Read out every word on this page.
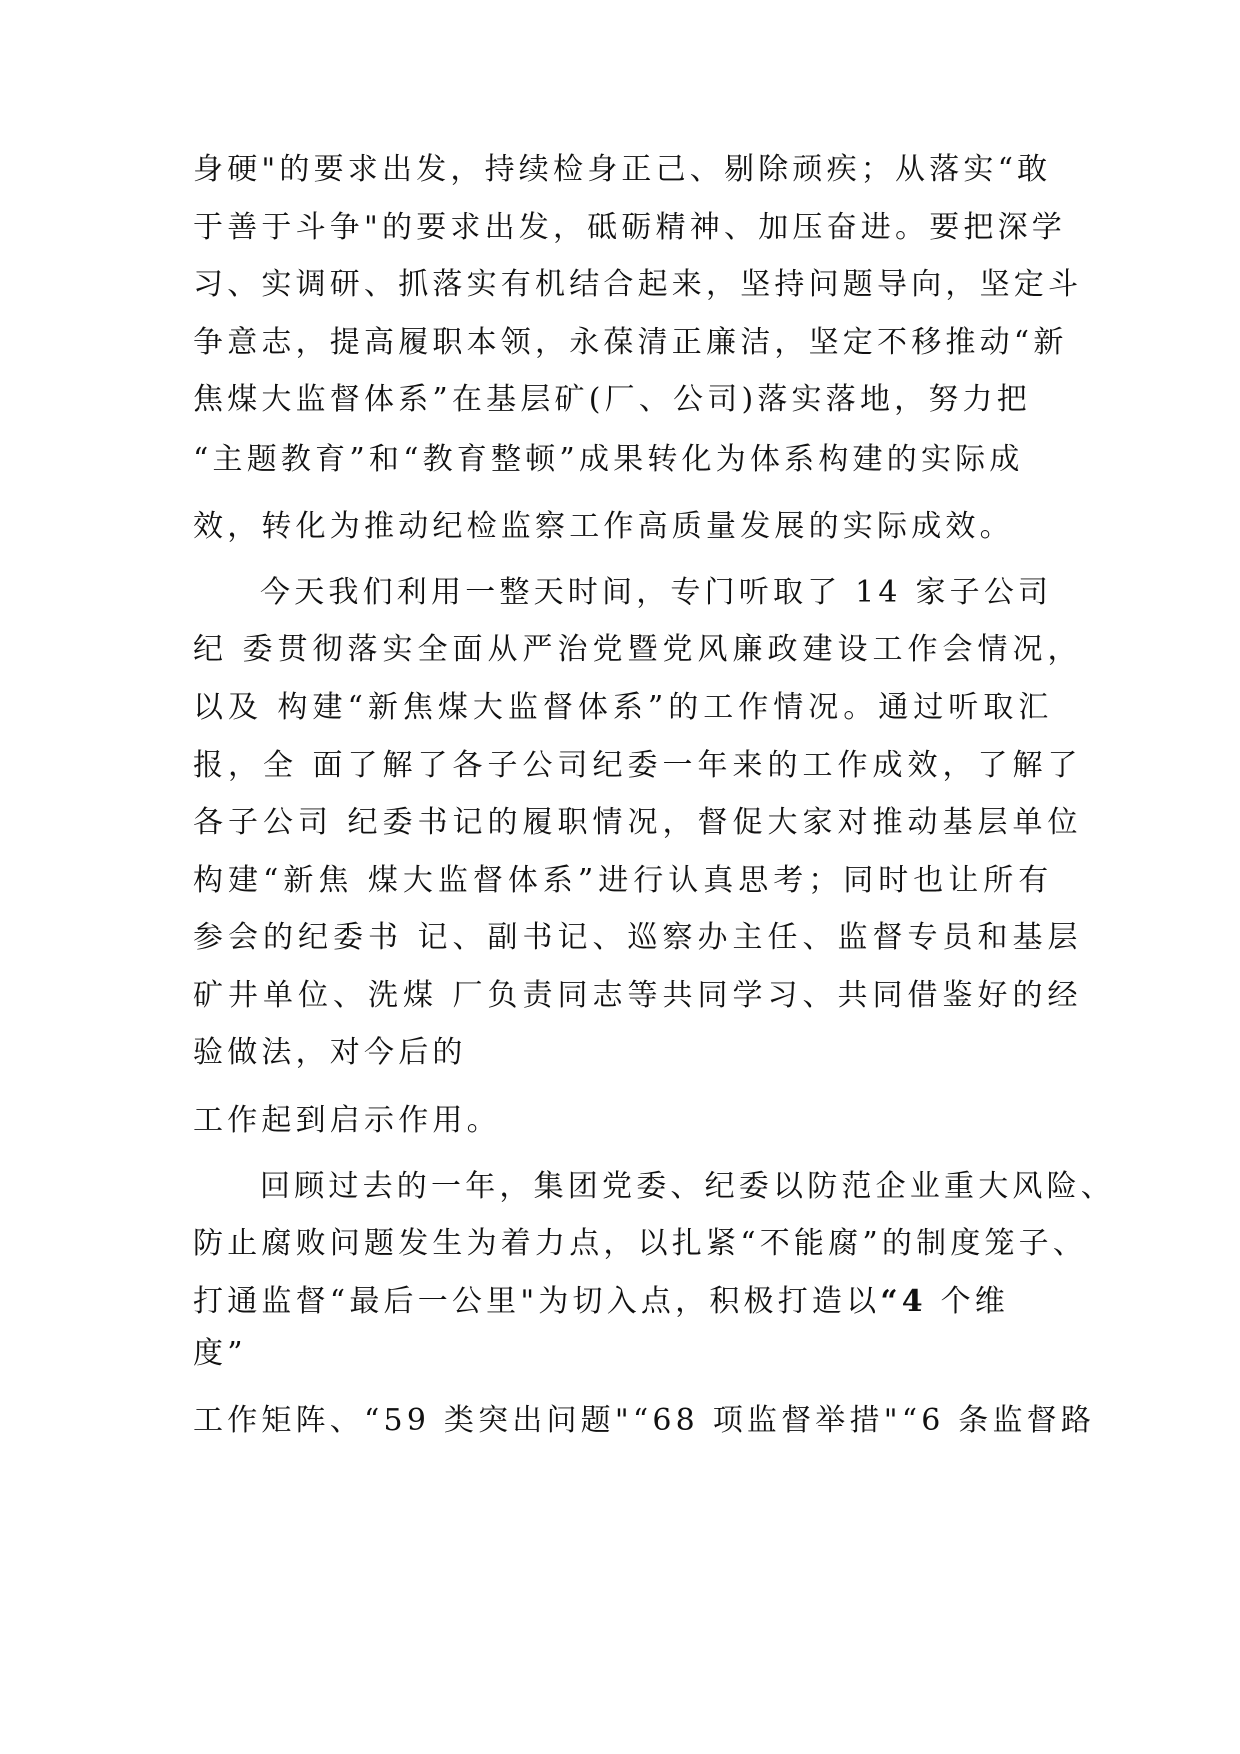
身硬"的要求出发，持续检身正己、剔除顽疾；从落实“敢
于善于斗争"的要求出发，砥砺精神、加压奋进。要把深学
习、实调研、抓落实有机结合起来，坚持问题导向，坚定斗
争意志，提高履职本领，永葆清正廉洁，坚定不移推动“新
焦煤大监督体系”在基层矿(厂、公司)落实落地，努力把
“主题教育”和“教育整顿”成果转化为体系构建的实际成
效，转化为推动纪检监察工作高质量发展的实际成效。
今天我们利用一整天时间，专门听取了 14 家子公司
纪 委贯彻落实全面从严治党暨党风廉政建设工作会情况，
以及 构建“新焦煤大监督体系”的工作情况。通过听取汇
报，全 面了解了各子公司纪委一年来的工作成效，了解了
各子公司 纪委书记的履职情况，督促大家对推动基层单位
构建“新焦 煤大监督体系”进行认真思考；同时也让所有
参会的纪委书 记、副书记、巡察办主任、监督专员和基层
矿井单位、洗煤 厂负责同志等共同学习、共同借鉴好的经
验做法，对今后的
工作起到启示作用。
回顾过去的一年，集团党委、纪委以防范企业重大风险、
防止腐败问题发生为着力点，以扎紧“不能腐”的制度笼子、
打通监督“最后一公里"为切入点，积极打造以“4 个维
度”
工作矩阵、“59 类突出问题"“68 项监督举措"“6 条监督路
